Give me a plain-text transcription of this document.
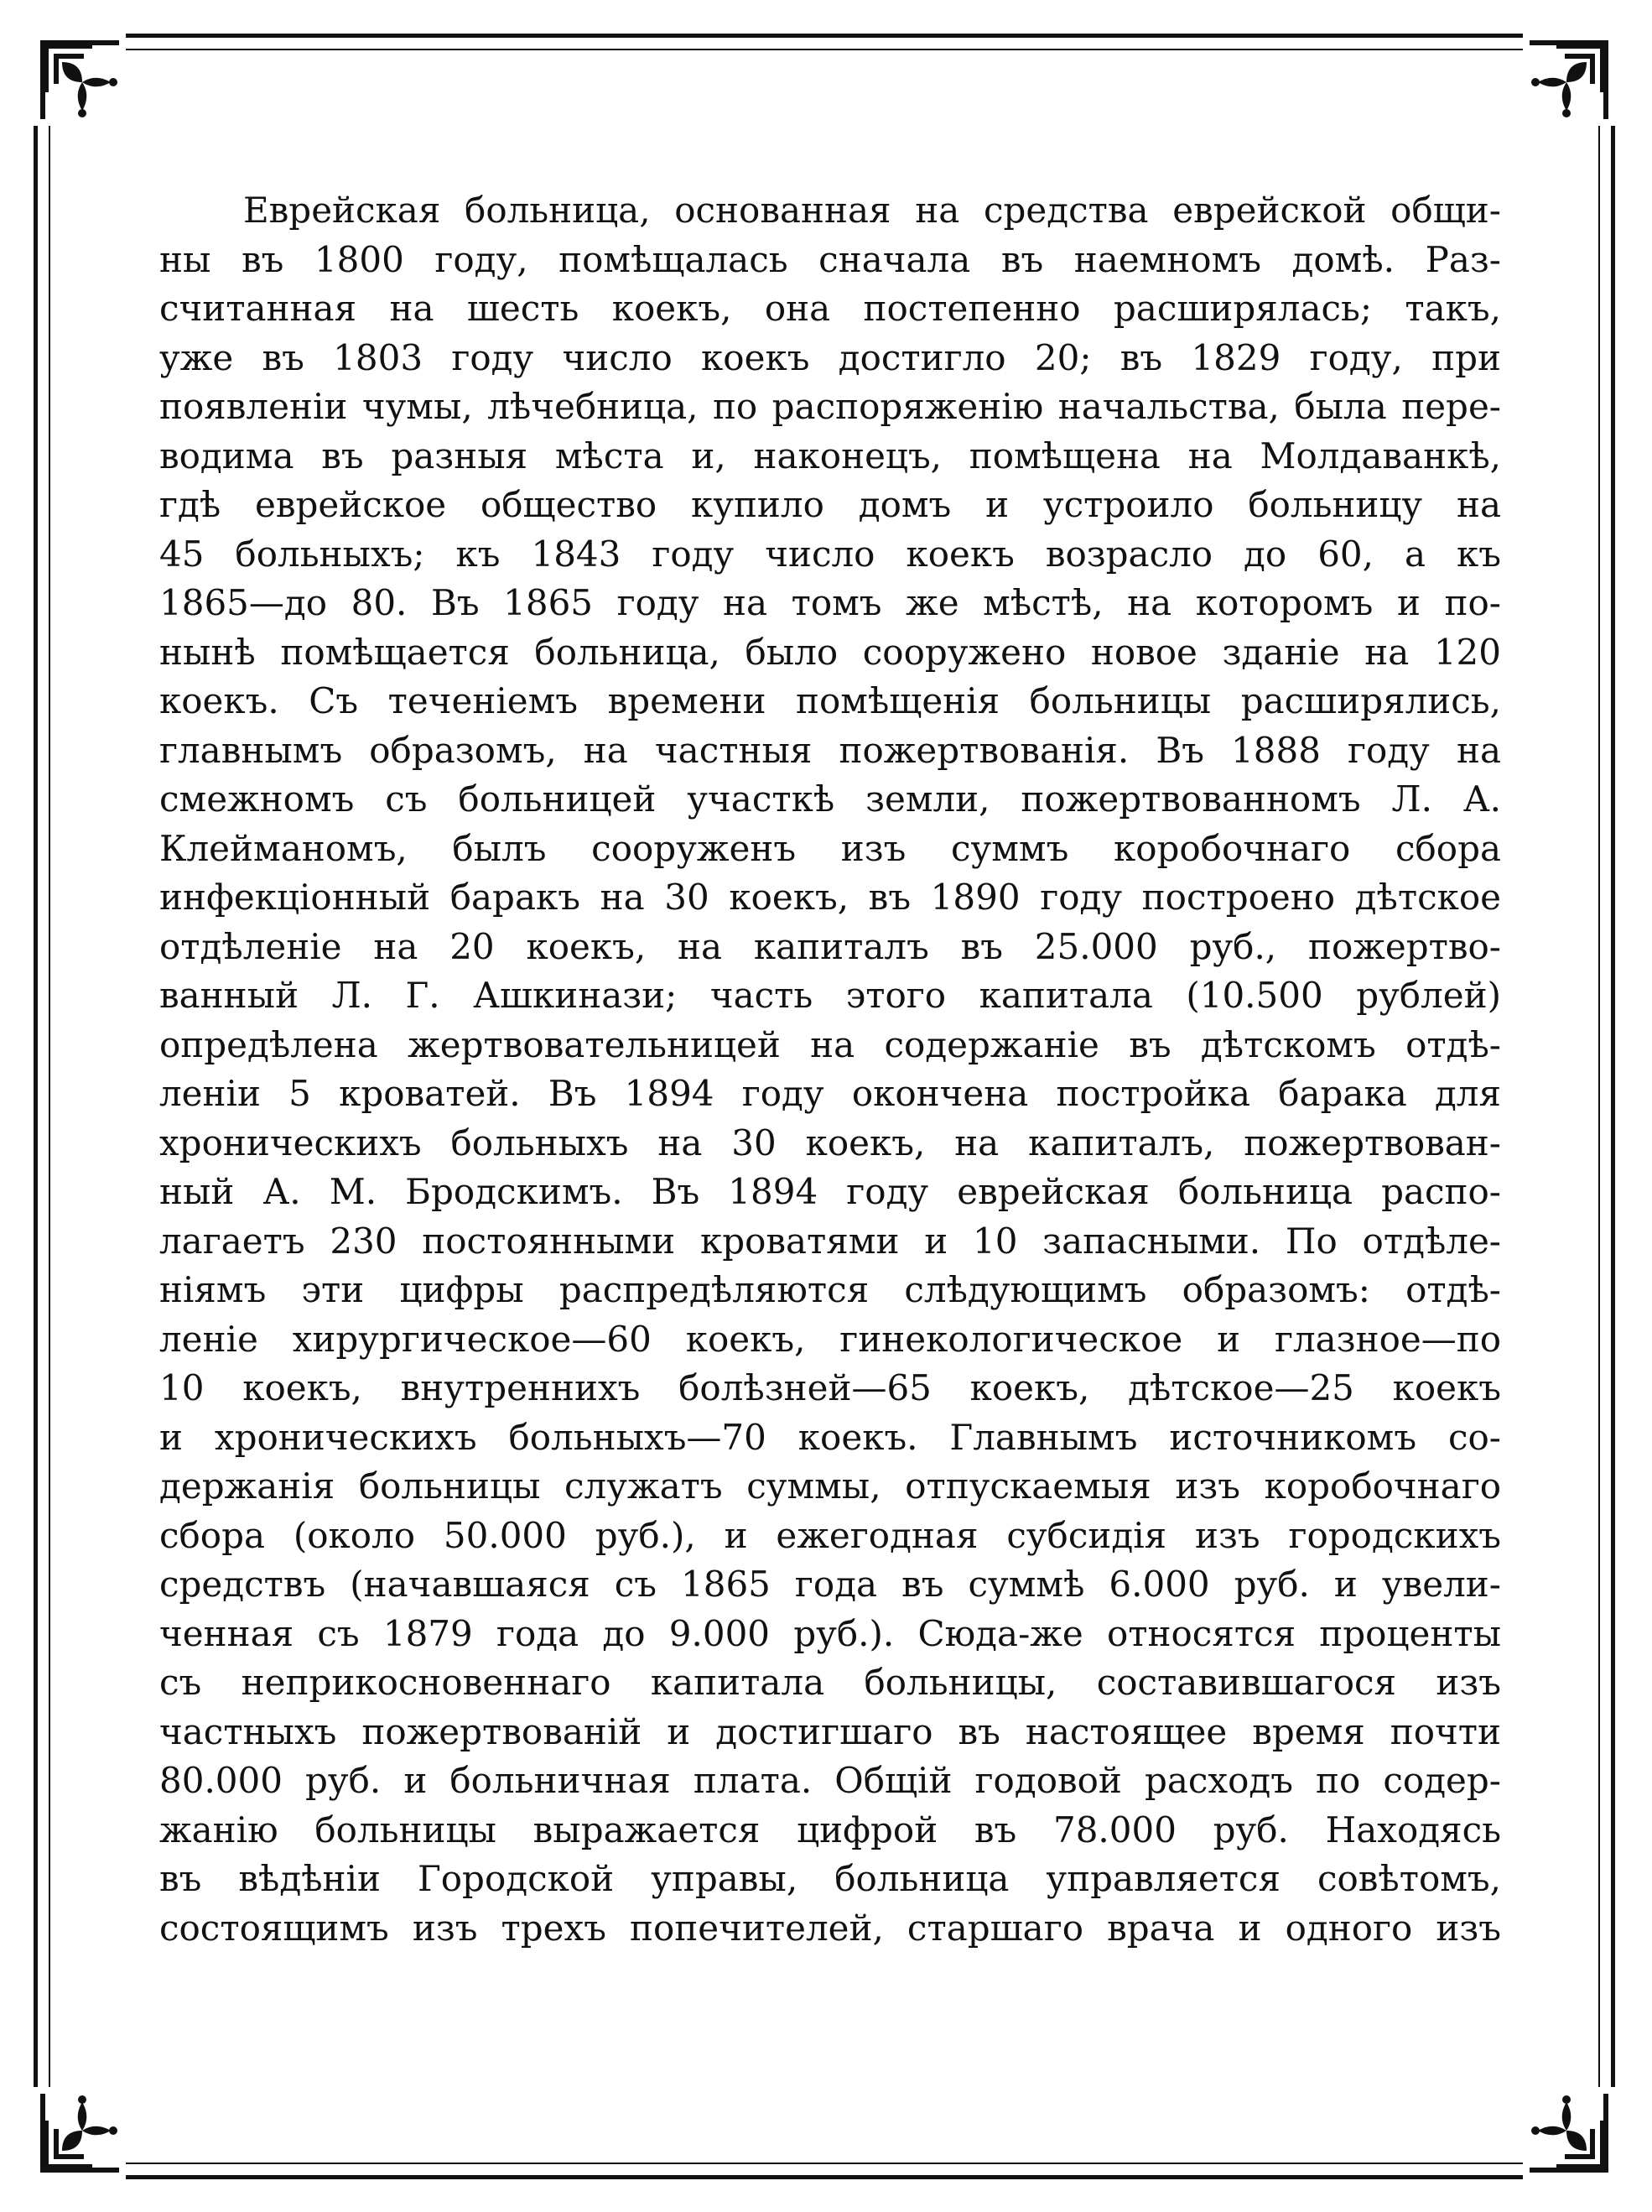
Еврейская больница, основанная на средства еврейской общи-
ны въ 1800 году, помѣщалась сначала въ наемномъ домѣ. Раз-
считанная на шесть коекъ, она постепенно расширялась; такъ,
уже въ 1803 году число коекъ достигло 20; въ 1829 году, при
появленіи чумы, лѣчебница, по распоряженію начальства, была пере-
водима въ разныя мѣста и, наконецъ, помѣщена на Молдаванкѣ,
гдѣ еврейское общество купило домъ и устроило больницу на
45 больныхъ; къ 1843 году число коекъ возрасло до 60, а къ
1865—до 80. Въ 1865 году на томъ же мѣстѣ, на которомъ и по-
нынѣ помѣщается больница, было сооружено новое зданіе на 120
коекъ. Съ теченіемъ времени помѣщенія больницы расширялись,
главнымъ образомъ, на частныя пожертвованія. Въ 1888 году на
смежномъ съ больницей участкѣ земли, пожертвованномъ Л. А.
Клейманомъ, былъ сооруженъ изъ суммъ коробочнаго сбора
инфекціонный баракъ на 30 коекъ, въ 1890 году построено дѣтское
отдѣленіе на 20 коекъ, на капиталъ въ 25.000 руб., пожертво-
ванный Л. Г. Ашкинази; часть этого капитала (10.500 рублей)
опредѣлена жертвовательницей на содержаніе въ дѣтскомъ отдѣ-
леніи 5 кроватей. Въ 1894 году окончена постройка барака для
хроническихъ больныхъ на 30 коекъ, на капиталъ, пожертвован-
ный А. М. Бродскимъ. Въ 1894 году еврейская больница распо-
лагаетъ 230 постоянными кроватями и 10 запасными. По отдѣле-
ніямъ эти цифры распредѣляются слѣдующимъ образомъ: отдѣ-
леніе хирургическое—60 коекъ, гинекологическое и глазное—по
10 коекъ, внутреннихъ болѣзней—65 коекъ, дѣтское—25 коекъ
и хроническихъ больныхъ—70 коекъ. Главнымъ источникомъ со-
держанія больницы служатъ суммы, отпускаемыя изъ коробочнаго
сбора (около 50.000 руб.), и ежегодная субсидія изъ городскихъ
средствъ (начавшаяся съ 1865 года въ суммѣ 6.000 руб. и увели-
ченная съ 1879 года до 9.000 руб.). Сюда-же относятся проценты
съ неприкосновеннаго капитала больницы, составившагося изъ
частныхъ пожертвованій и достигшаго въ настоящее время почти
80.000 руб. и больничная плата. Общій годовой расходъ по содер-
жанію больницы выражается цифрой въ 78.000 руб. Находясь
въ вѣдѣніи Городской управы, больница управляется совѣтомъ,
состоящимъ изъ трехъ попечителей, старшаго врача и одного изъ
